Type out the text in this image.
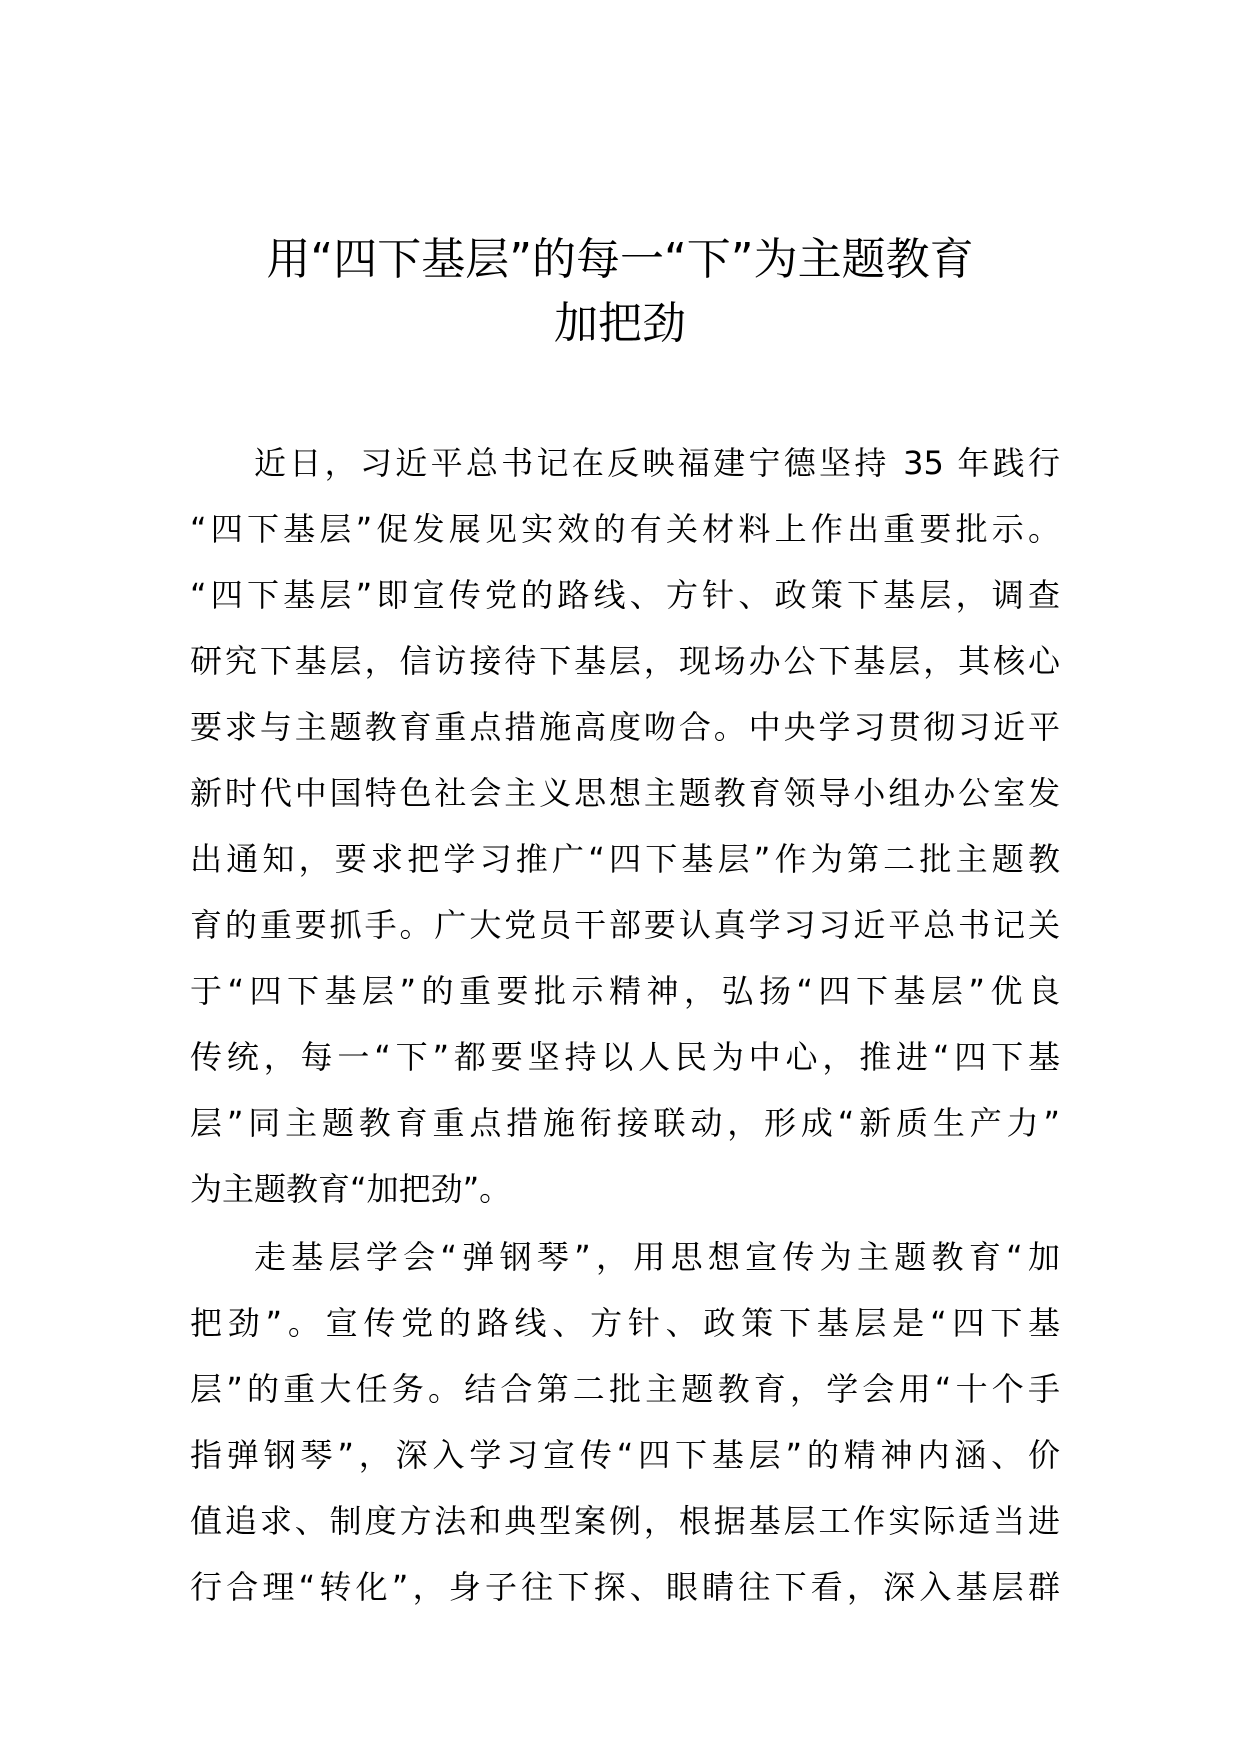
用“四下基层”的每一“下”为主题教育
加把劲

近日，习近平总书记在反映福建宁德坚持 35 年践行
“四下基层”促发展见实效的有关材料上作出重要批示。
“四下基层”即宣传党的路线、方针、政策下基层，调查
研究下基层，信访接待下基层，现场办公下基层，其核心
要求与主题教育重点措施高度吻合。中央学习贯彻习近平
新时代中国特色社会主义思想主题教育领导小组办公室发
出通知，要求把学习推广“四下基层”作为第二批主题教
育的重要抓手。广大党员干部要认真学习习近平总书记关
于“四下基层”的重要批示精神，弘扬“四下基层”优良
传统，每一“下”都要坚持以人民为中心，推进“四下基
层”同主题教育重点措施衔接联动，形成“新质生产力”
为主题教育“加把劲”。

走基层学会“弹钢琴”，用思想宣传为主题教育“加
把劲”。宣传党的路线、方针、政策下基层是“四下基
层”的重大任务。结合第二批主题教育，学会用“十个手
指弹钢琴”，深入学习宣传“四下基层”的精神内涵、价
值追求、制度方法和典型案例，根据基层工作实际适当进
行合理“转化”，身子往下探、眼睛往下看，深入基层群
